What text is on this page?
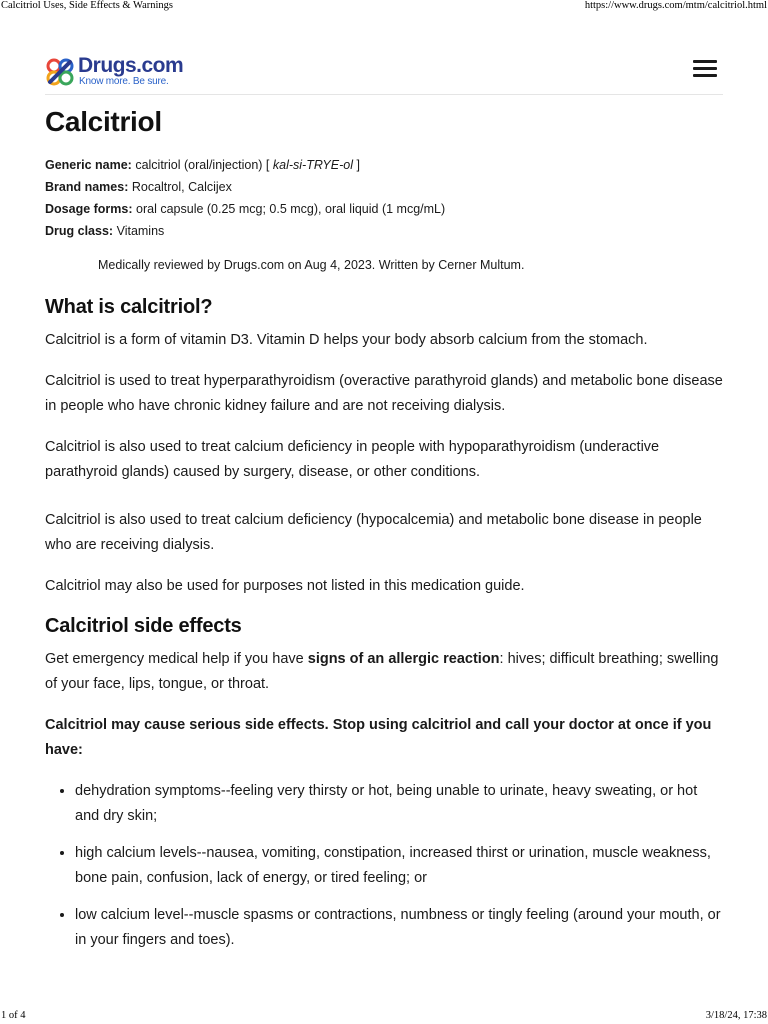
Calcitriol Uses, Side Effects & Warnings	https://www.drugs.com/mtm/calcitriol.html
Drugs.com
Know more. Be sure.
Calcitriol
Generic name: calcitriol (oral/injection) [ kal-si-TRYE-ol ]
Brand names: Rocaltrol, Calcijex
Dosage forms: oral capsule (0.25 mcg; 0.5 mcg), oral liquid (1 mcg/mL)
Drug class: Vitamins
Medically reviewed by Drugs.com on Aug 4, 2023. Written by Cerner Multum.
What is calcitriol?

Calcitriol is a form of vitamin D3. Vitamin D helps your body absorb calcium from the stomach.

Calcitriol is used to treat hyperparathyroidism (overactive parathyroid glands) and metabolic bone disease in people who have chronic kidney failure and are not receiving dialysis.

Calcitriol is also used to treat calcium deficiency in people with hypoparathyroidism (underactive parathyroid glands) caused by surgery, disease, or other conditions.

Calcitriol is also used to treat calcium deficiency (hypocalcemia) and metabolic bone disease in people who are receiving dialysis.

Calcitriol may also be used for purposes not listed in this medication guide.

Calcitriol side effects

Get emergency medical help if you have signs of an allergic reaction: hives; difficult breathing; swelling of your face, lips, tongue, or throat.

Calcitriol may cause serious side effects. Stop using calcitriol and call your doctor at once if you have:

• dehydration symptoms--feeling very thirsty or hot, being unable to urinate, heavy sweating, or hot and dry skin;
• high calcium levels--nausea, vomiting, constipation, increased thirst or urination, muscle weakness, bone pain, confusion, lack of energy, or tired feeling; or
• low calcium level--muscle spasms or contractions, numbness or tingly feeling (around your mouth, or in your fingers and toes).
1 of 4	3/18/24, 17:38
